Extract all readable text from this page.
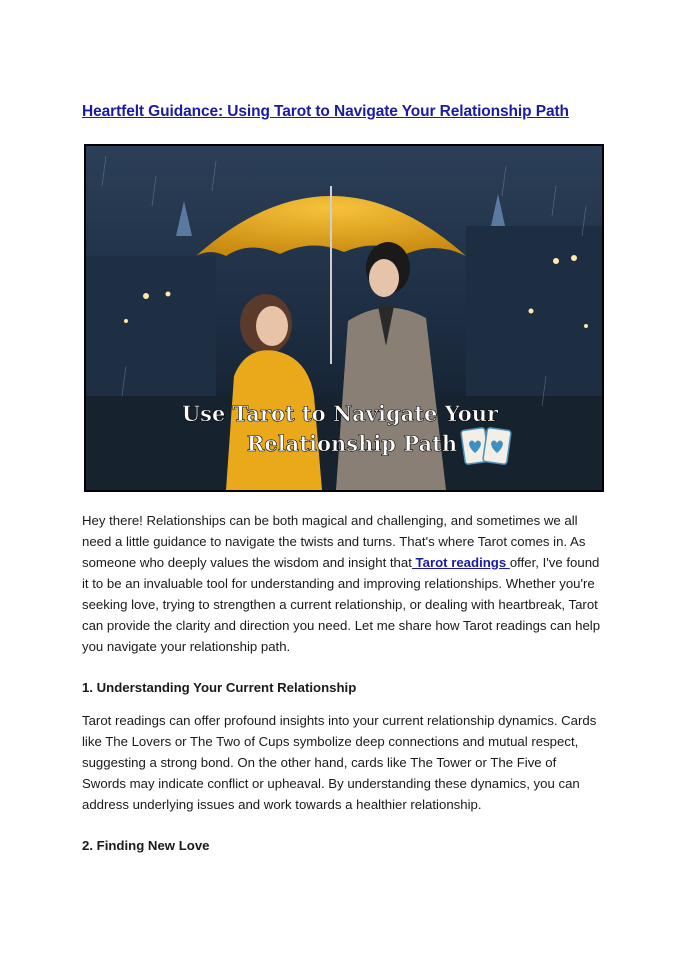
Heartfelt Guidance: Using Tarot to Navigate Your Relationship Path
Use Tarot to Navigate Your
Relationship Path
Hey there! Relationships can be both magical and challenging, and sometimes we all need a little guidance to navigate the twists and turns. That's where Tarot comes in. As someone who deeply values the wisdom and insight that Tarot readings offer, I've found it to be an invaluable tool for understanding and improving relationships. Whether you're seeking love, trying to strengthen a current relationship, or dealing with heartbreak, Tarot can provide the clarity and direction you need. Let me share how Tarot readings can help you navigate your relationship path.
1. Understanding Your Current Relationship
Tarot readings can offer profound insights into your current relationship dynamics. Cards like The Lovers or The Two of Cups symbolize deep connections and mutual respect, suggesting a strong bond. On the other hand, cards like The Tower or The Five of Swords may indicate conflict or upheaval. By understanding these dynamics, you can address underlying issues and work towards a healthier relationship.
2. Finding New Love
